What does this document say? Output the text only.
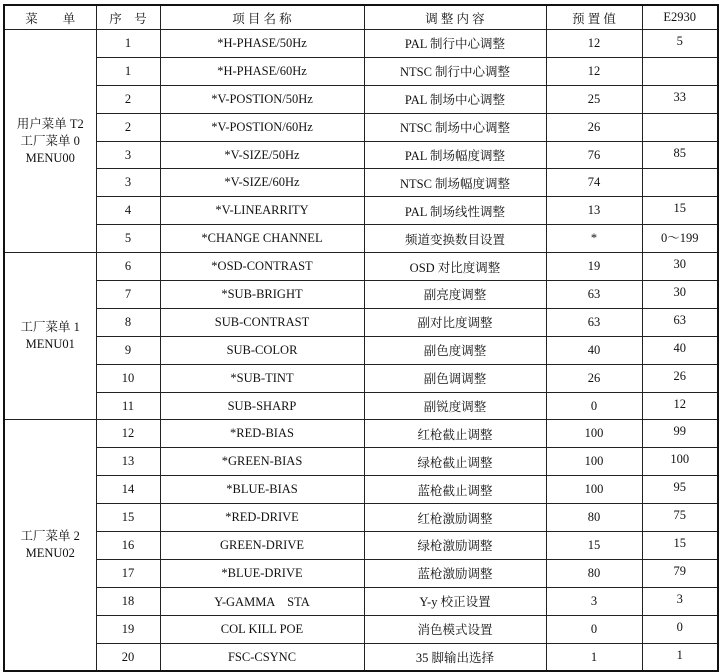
菜　　单	序　号	项 目 名 称	调 整 内 容	预 置 值	E2930

用户菜单 T2
工厂菜单 0
MENU00	1	*H-PHASE/50Hz	PAL 制行中心调整	12	5
	1	*H-PHASE/60Hz	NTSC 制行中心调整	12	
	2	*V-POSTION/50Hz	PAL 制场中心调整	25	33
	2	*V-POSTION/60Hz	NTSC 制场中心调整	26	
	3	*V-SIZE/50Hz	PAL 制场幅度调整	76	85
	3	*V-SIZE/60Hz	NTSC 制场幅度调整	74	
	4	*V-LINEARRITY	PAL 制场线性调整	13	15
	5	*CHANGE CHANNEL	频道变换数目设置	*	0～199

工厂菜单 1
MENU01	6	*OSD-CONTRAST	OSD 对比度调整	19	30
	7	*SUB-BRIGHT	副亮度调整	63	30
	8	SUB-CONTRAST	副对比度调整	63	63
	9	SUB-COLOR	副色度调整	40	40
	10	*SUB-TINT	副色调调整	26	26
	11	SUB-SHARP	副锐度调整	0	12

工厂菜单 2
MENU02	12	*RED-BIAS	红枪截止调整	100	99
	13	*GREEN-BIAS	绿枪截止调整	100	100
	14	*BLUE-BIAS	蓝枪截止调整	100	95
	15	*RED-DRIVE	红枪激励调整	80	75
	16	GREEN-DRIVE	绿枪激励调整	15	15
	17	*BLUE-DRIVE	蓝枪激励调整	80	79
	18	Y-GAMMA　STA	Y-y 校正设置	3	3
	19	COL KILL POE	消色模式设置	0	0
	20	FSC-CSYNC	35 脚输出选择	1	1
